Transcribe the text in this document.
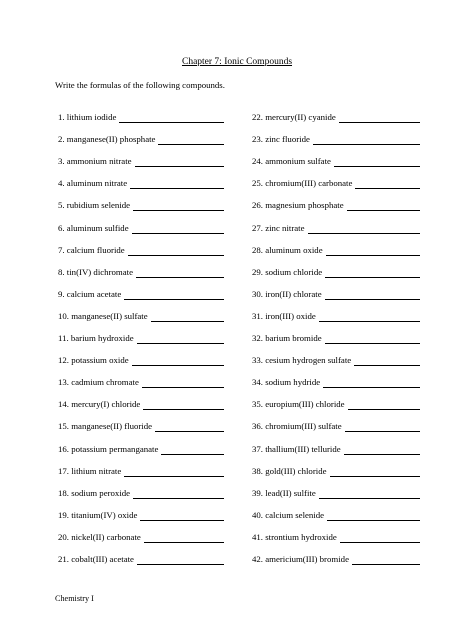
Chapter 7: Ionic Compounds
Write the formulas of the following compounds.
1. lithium iodide
2. manganese(II) phosphate
3. ammonium nitrate
4. aluminum nitrate
5. rubidium selenide
6. aluminum sulfide
7. calcium fluoride
8. tin(IV) dichromate
9. calcium acetate
10. manganese(II) sulfate
11. barium hydroxide
12. potassium oxide
13. cadmium chromate
14. mercury(I) chloride
15. manganese(II) fluoride
16. potassium permanganate
17. lithium nitrate
18. sodium peroxide
19. titanium(IV) oxide
20. nickel(II) carbonate
21. cobalt(III) acetate
22. mercury(II) cyanide
23. zinc fluoride
24. ammonium sulfate
25. chromium(III) carbonate
26. magnesium phosphate
27. zinc nitrate
28. aluminum oxide
29. sodium chloride
30. iron(II) chlorate
31. iron(III) oxide
32. barium bromide
33. cesium hydrogen sulfate
34. sodium hydride
35. europium(III) chloride
36. chromium(III) sulfate
37. thallium(III) telluride
38. gold(III) chloride
39. lead(II) sulfite
40. calcium selenide
41. strontium hydroxide
42. americium(III) bromide
Chemistry I
